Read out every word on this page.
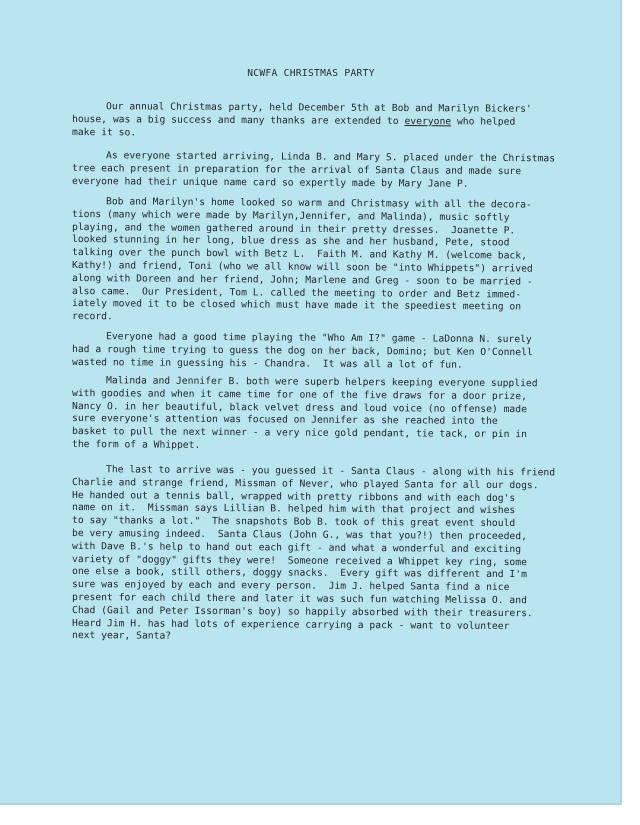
NCWFA CHRISTMAS PARTY
Our annual Christmas party, held December 5th at Bob and Marilyn Bickers'
house, was a big success and many thanks are extended to everyone who helped
make it so.
As everyone started arriving, Linda B. and Mary S. placed under the Christmas
tree each present in preparation for the arrival of Santa Claus and made sure
everyone had their unique name card so expertly made by Mary Jane P.
Bob and Marilyn's home looked so warm and Christmasy with all the decora-
tions (many which were made by Marilyn,Jennifer, and Malinda), music softly
playing, and the women gathered around in their pretty dresses.  Joanette P.
looked stunning in her long, blue dress as she and her husband, Pete, stood
talking over the punch bowl with Betz L.  Faith M. and Kathy M. (welcome back,
Kathy!) and friend, Toni (who we all know will soon be "into Whippets") arrived
along with Doreen and her friend, John; Marlene and Greg - soon to be married -
also came.  Our President, Tom L. called the meeting to order and Betz immed-
iately moved it to be closed which must have made it the speediest meeting on
record.
Everyone had a good time playing the "Who Am I?" game - LaDonna N. surely
had a rough time trying to guess the dog on her back, Domino; but Ken O'Connell
wasted no time in guessing his - Chandra.  It was all a lot of fun.
Malinda and Jennifer B. both were superb helpers keeping everyone supplied
with goodies and when it came time for one of the five draws for a door prize,
Nancy O. in her beautiful, black velvet dress and loud voice (no offense) made
sure everyone's attention was focused on Jennifer as she reached into the
basket to pull the next winner - a very nice gold pendant, tie tack, or pin in
the form of a Whippet.
The last to arrive was - you guessed it - Santa Claus - along with his friend
Charlie and strange friend, Missman of Never, who played Santa for all our dogs.
He handed out a tennis ball, wrapped with pretty ribbons and with each dog's
name on it.  Missman says Lillian B. helped him with that project and wishes
to say "thanks a lot."  The snapshots Bob B. took of this great event should
be very amusing indeed.  Santa Claus (John G., was that you?!) then proceeded,
with Dave B.'s help to hand out each gift - and what a wonderful and exciting
variety of "doggy" gifts they were!  Someone received a Whippet key ring, some
one else a book, still others, doggy snacks.  Every gift was different and I'm
sure was enjoyed by each and every person.  Jim J. helped Santa find a nice
present for each child there and later it was such fun watching Melissa O. and
Chad (Gail and Peter Issorman's boy) so happily absorbed with their treasurers.
Heard Jim H. has had lots of experience carrying a pack - want to volunteer
next year, Santa?
